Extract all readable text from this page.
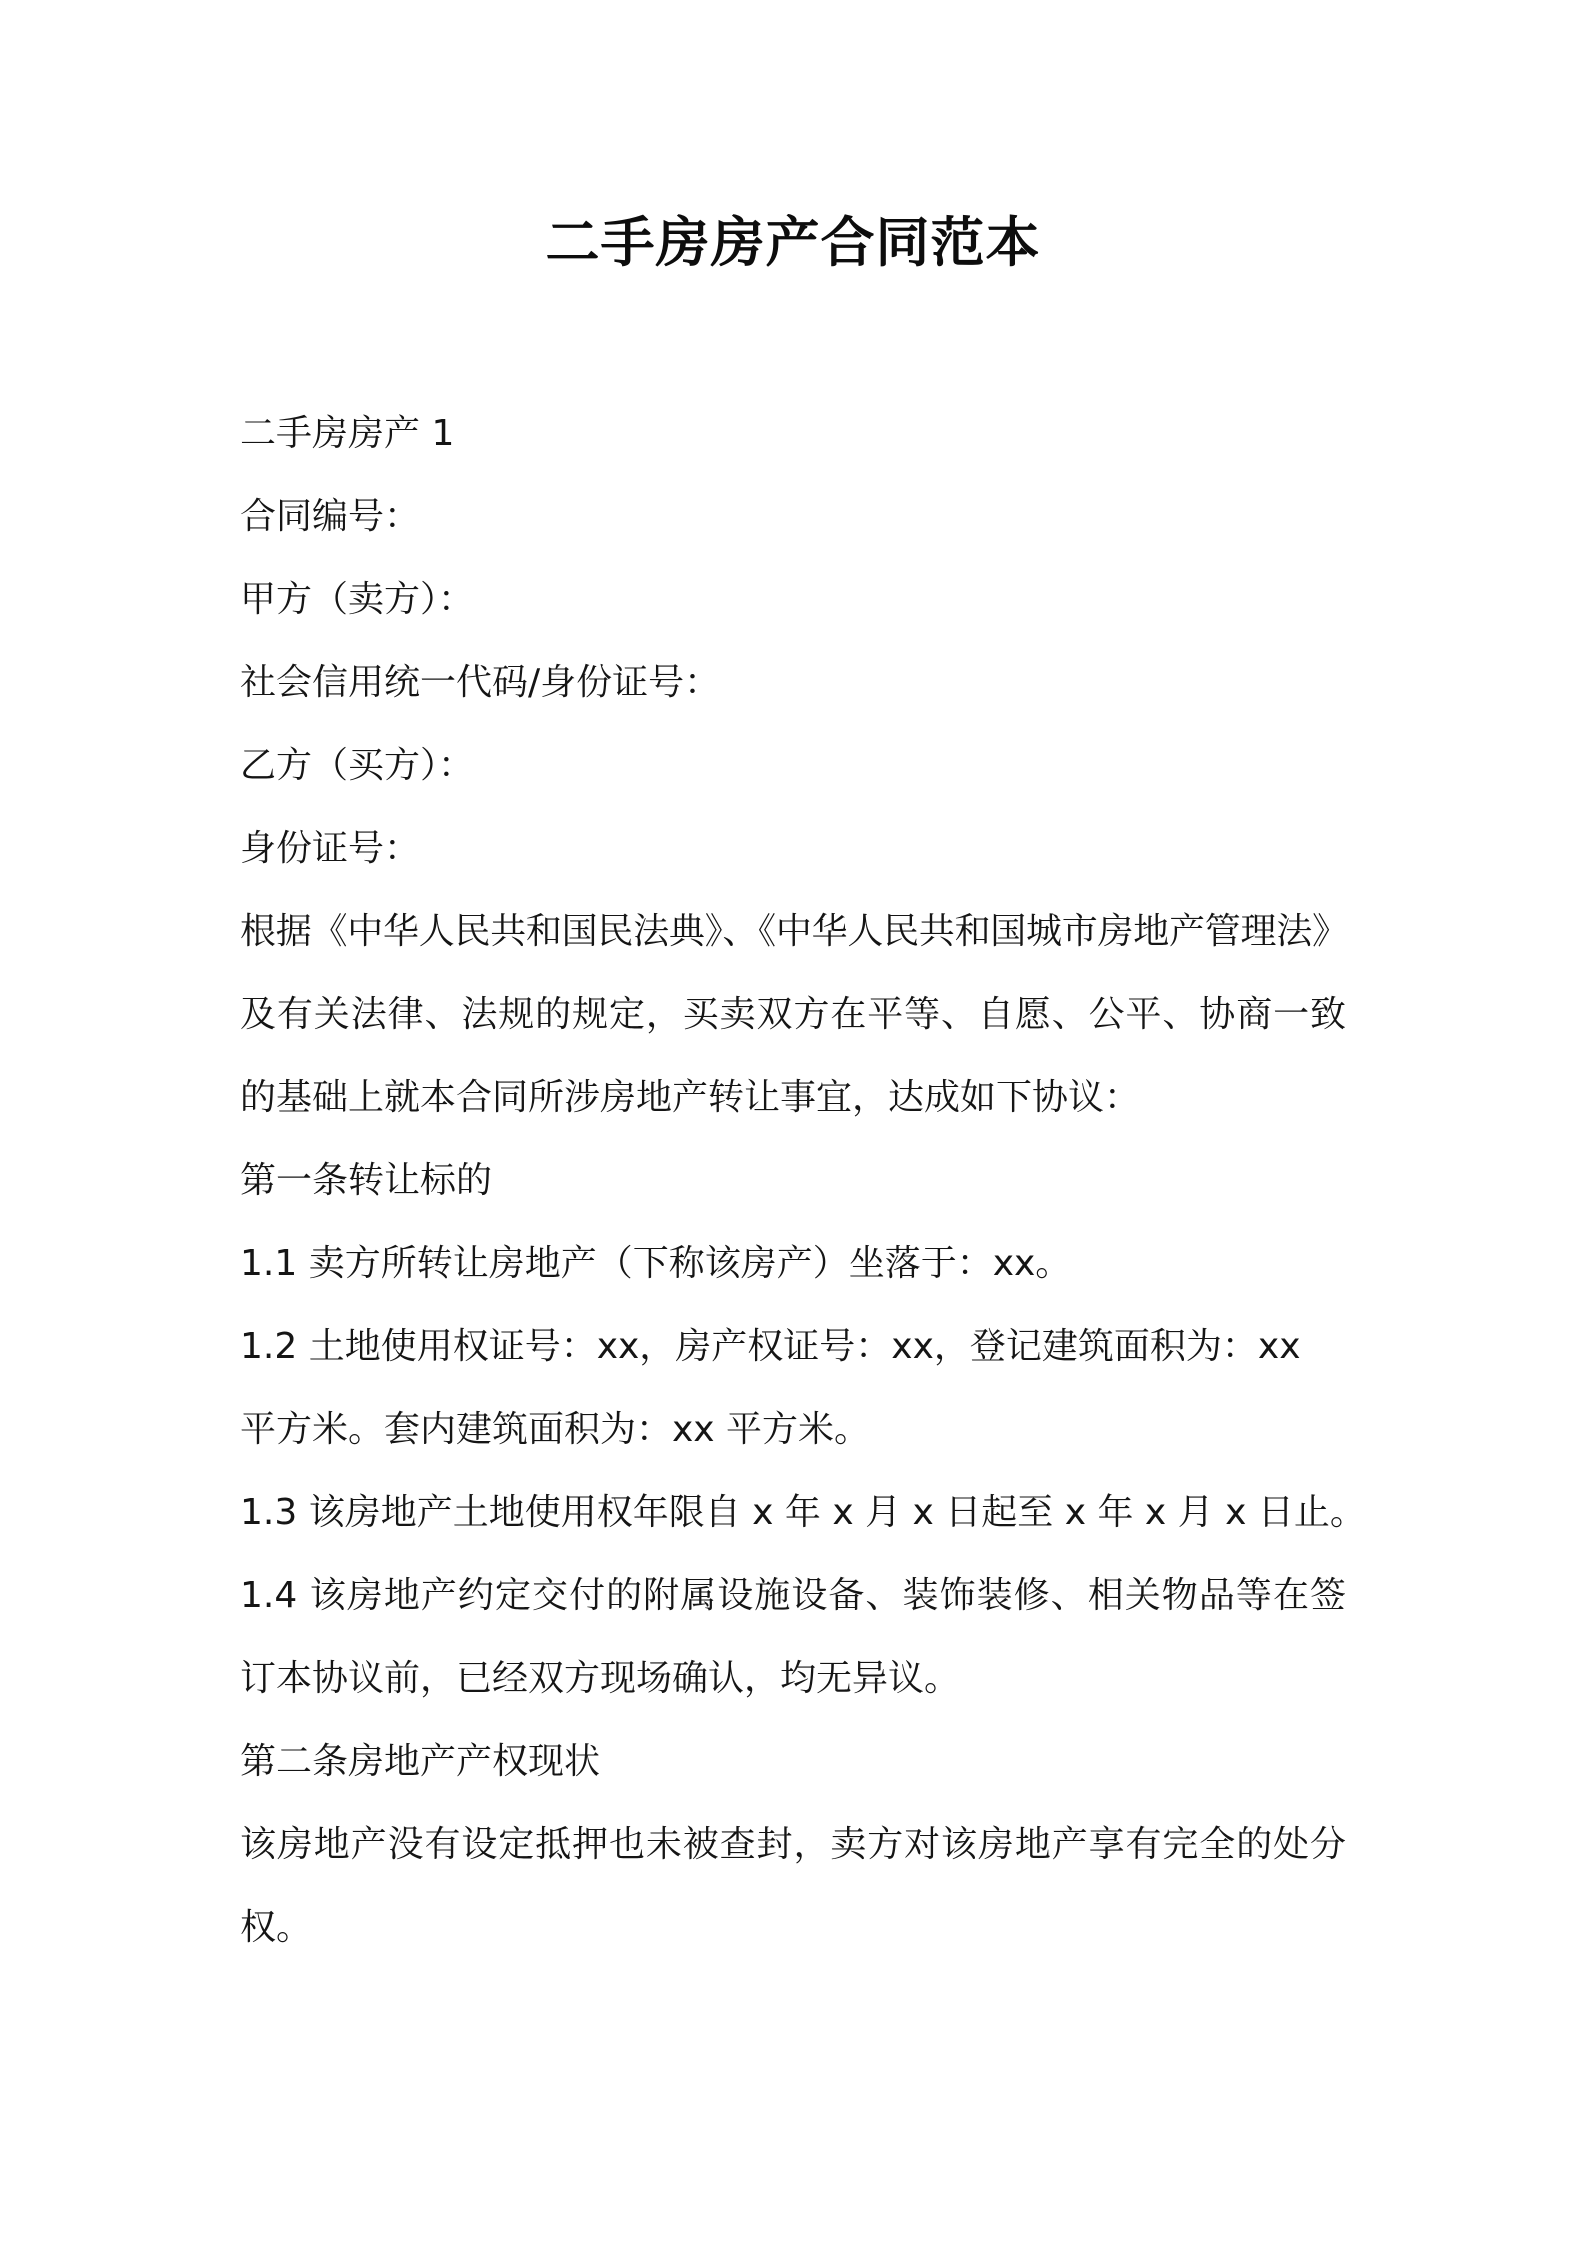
二手房房产合同范本
二手房房产 1
合同编号：
甲方（卖方）：
社会信用统一代码/身份证号：
乙方（买方）：
身份证号：
根据《中华人民共和国民法典》、《中华人民共和国城市房地产管理法》
及有关法律、法规的规定，买卖双方在平等、自愿、公平、协商一致
的基础上就本合同所涉房地产转让事宜，达成如下协议：
第一条转让标的
1.1 卖方所转让房地产（下称该房产）坐落于：xx。
1.2 土地使用权证号：xx，房产权证号：xx，登记建筑面积为：xx
平方米。套内建筑面积为：xx 平方米。
1.3 该房地产土地使用权年限自 x 年 x 月 x 日起至 x 年 x 月 x 日止。
1.4 该房地产约定交付的附属设施设备、装饰装修、相关物品等在签
订本协议前，已经双方现场确认，均无异议。
第二条房地产产权现状
该房地产没有设定抵押也未被查封，卖方对该房地产享有完全的处分
权。
